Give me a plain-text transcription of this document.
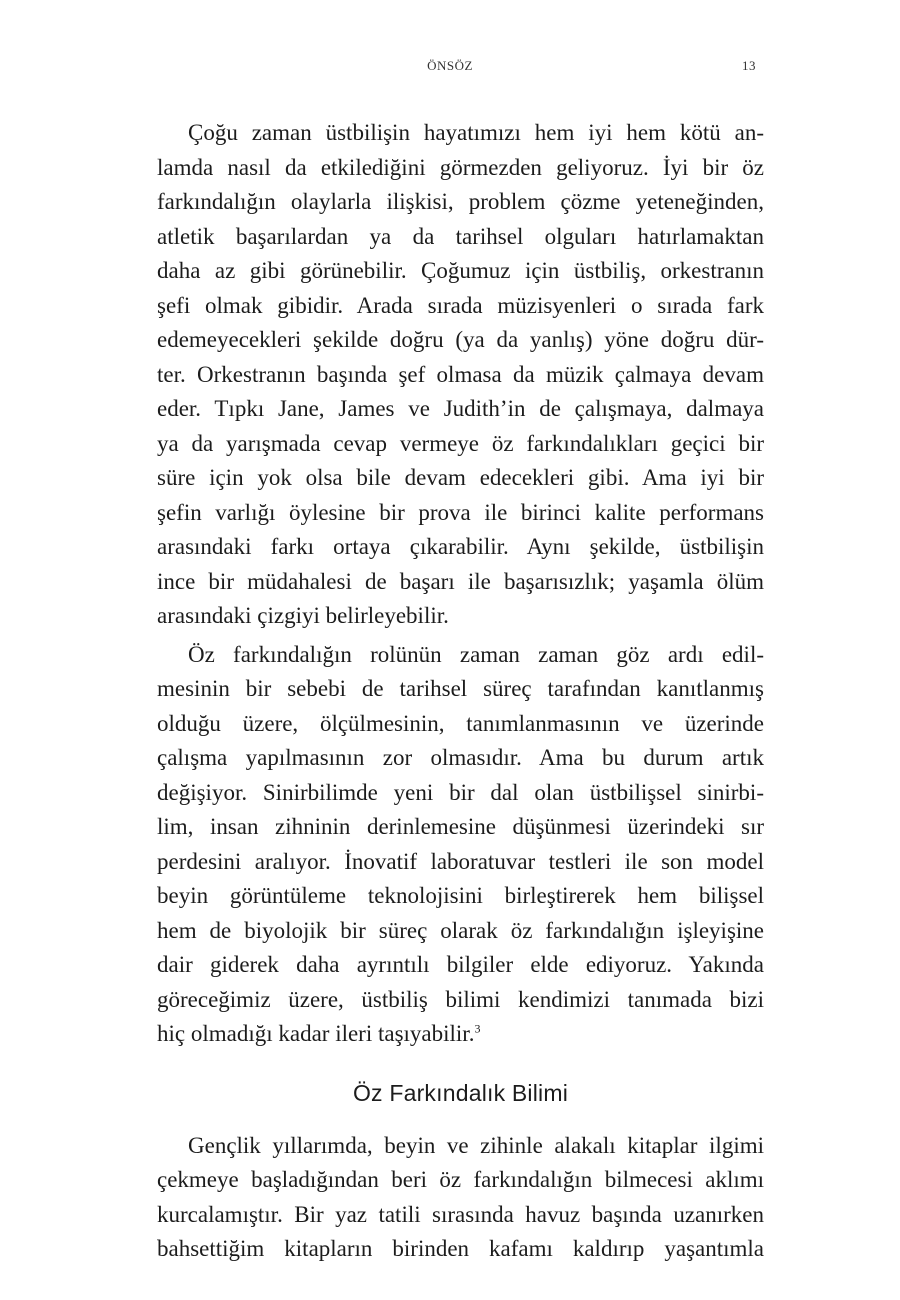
ÖNSÖZ	13
Çoğu zaman üstbilişin hayatımızı hem iyi hem kötü an-
lamda nasıl da etkilediğini görmezden geliyoruz. İyi bir öz
farkındalığın olaylarla ilişkisi, problem çözme yeteneğinden,
atletik başarılardan ya da tarihsel olguları hatırlamaktan
daha az gibi görünebilir. Çoğumuz için üstbiliş, orkestranın
şefi olmak gibidir. Arada sırada müzisyenleri o sırada fark
edemeyecekleri şekilde doğru (ya da yanlış) yöne doğru dür-
ter. Orkestranın başında şef olmasa da müzik çalmaya devam
eder. Tıpkı Jane, James ve Judith’in de çalışmaya, dalmaya
ya da yarışmada cevap vermeye öz farkındalıkları geçici bir
süre için yok olsa bile devam edecekleri gibi. Ama iyi bir
şefin varlığı öylesine bir prova ile birinci kalite performans
arasındaki farkı ortaya çıkarabilir. Aynı şekilde, üstbilişin
ince bir müdahalesi de başarı ile başarısızlık; yaşamla ölüm
arasındaki çizgiyi belirleyebilir.
Öz farkındalığın rolünün zaman zaman göz ardı edil-
mesinin bir sebebi de tarihsel süreç tarafından kanıtlanmış
olduğu üzere, ölçülmesinin, tanımlanmasının ve üzerinde
çalışma yapılmasının zor olmasıdır. Ama bu durum artık
değişiyor. Sinirbilimde yeni bir dal olan üstbilişsel sinirbi-
lim, insan zihninin derinlemesine düşünmesi üzerindeki sır
perdesini aralıyor. İnovatif laboratuvar testleri ile son model
beyin görüntüleme teknolojisini birleştirerek hem bilişsel
hem de biyolojik bir süreç olarak öz farkındalığın işleyişine
dair giderek daha ayrıntılı bilgiler elde ediyoruz. Yakında
göreceğimiz üzere, üstbiliş bilimi kendimizi tanımada bizi
hiç olmadığı kadar ileri taşıyabilir.$^3$
Öz Farkındalık Bilimi
Gençlik yıllarımda, beyin ve zihinle alakalı kitaplar ilgimi
çekmeye başladığından beri öz farkındalığın bilmecesi aklımı
kurcalamıştır. Bir yaz tatili sırasında havuz başında uzanırken
bahsettiğim kitapların birinden kafamı kaldırıp yaşantımla
